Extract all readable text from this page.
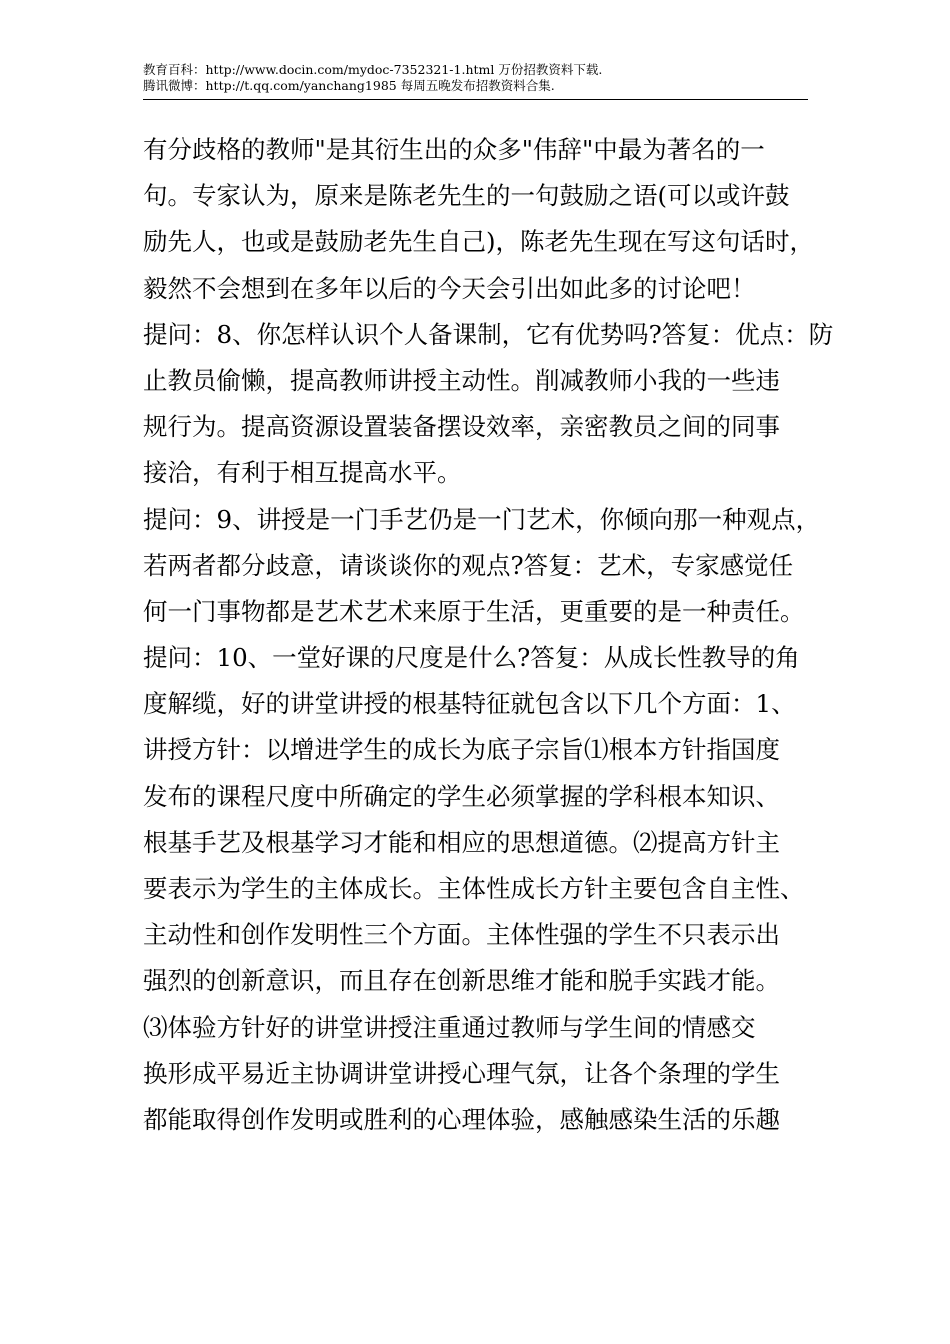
教育百科：http://www.docin.com/mydoc-7352321-1.html 万份招教资料下载.
腾讯微博：http://t.qq.com/yanchang1985 每周五晚发布招教资料合集.
有分歧格的教师"是其衍生出的众多"伟辞"中最为著名的一
句。专家认为，原来是陈老先生的一句鼓励之语(可以或许鼓
励先人，也或是鼓励老先生自己)，陈老先生现在写这句话时，
毅然不会想到在多年以后的今天会引出如此多的讨论吧！
提问：8、你怎样认识个人备课制，它有优势吗?答复：优点：防
止教员偷懒，提高教师讲授主动性。削减教师小我的一些违
规行为。提高资源设置装备摆设效率，亲密教员之间的同事
接洽，有利于相互提高水平。
提问：9、讲授是一门手艺仍是一门艺术，你倾向那一种观点，
若两者都分歧意，请谈谈你的观点?答复：艺术，专家感觉任
何一门事物都是艺术艺术来原于生活，更重要的是一种责任。
提问：10、一堂好课的尺度是什么?答复：从成长性教导的角
度解缆，好的讲堂讲授的根基特征就包含以下几个方面：1、
讲授方针：以增进学生的成长为底子宗旨⑴根本方针指国度
发布的课程尺度中所确定的学生必须掌握的学科根本知识、
根基手艺及根基学习才能和相应的思想道德。⑵提高方针主
要表示为学生的主体成长。主体性成长方针主要包含自主性、
主动性和创作发明性三个方面。主体性强的学生不只表示出
强烈的创新意识，而且存在创新思维才能和脱手实践才能。
⑶体验方针好的讲堂讲授注重通过教师与学生间的情感交
换形成平易近主协调讲堂讲授心理气氛，让各个条理的学生
都能取得创作发明或胜利的心理体验，感触感染生活的乐趣
